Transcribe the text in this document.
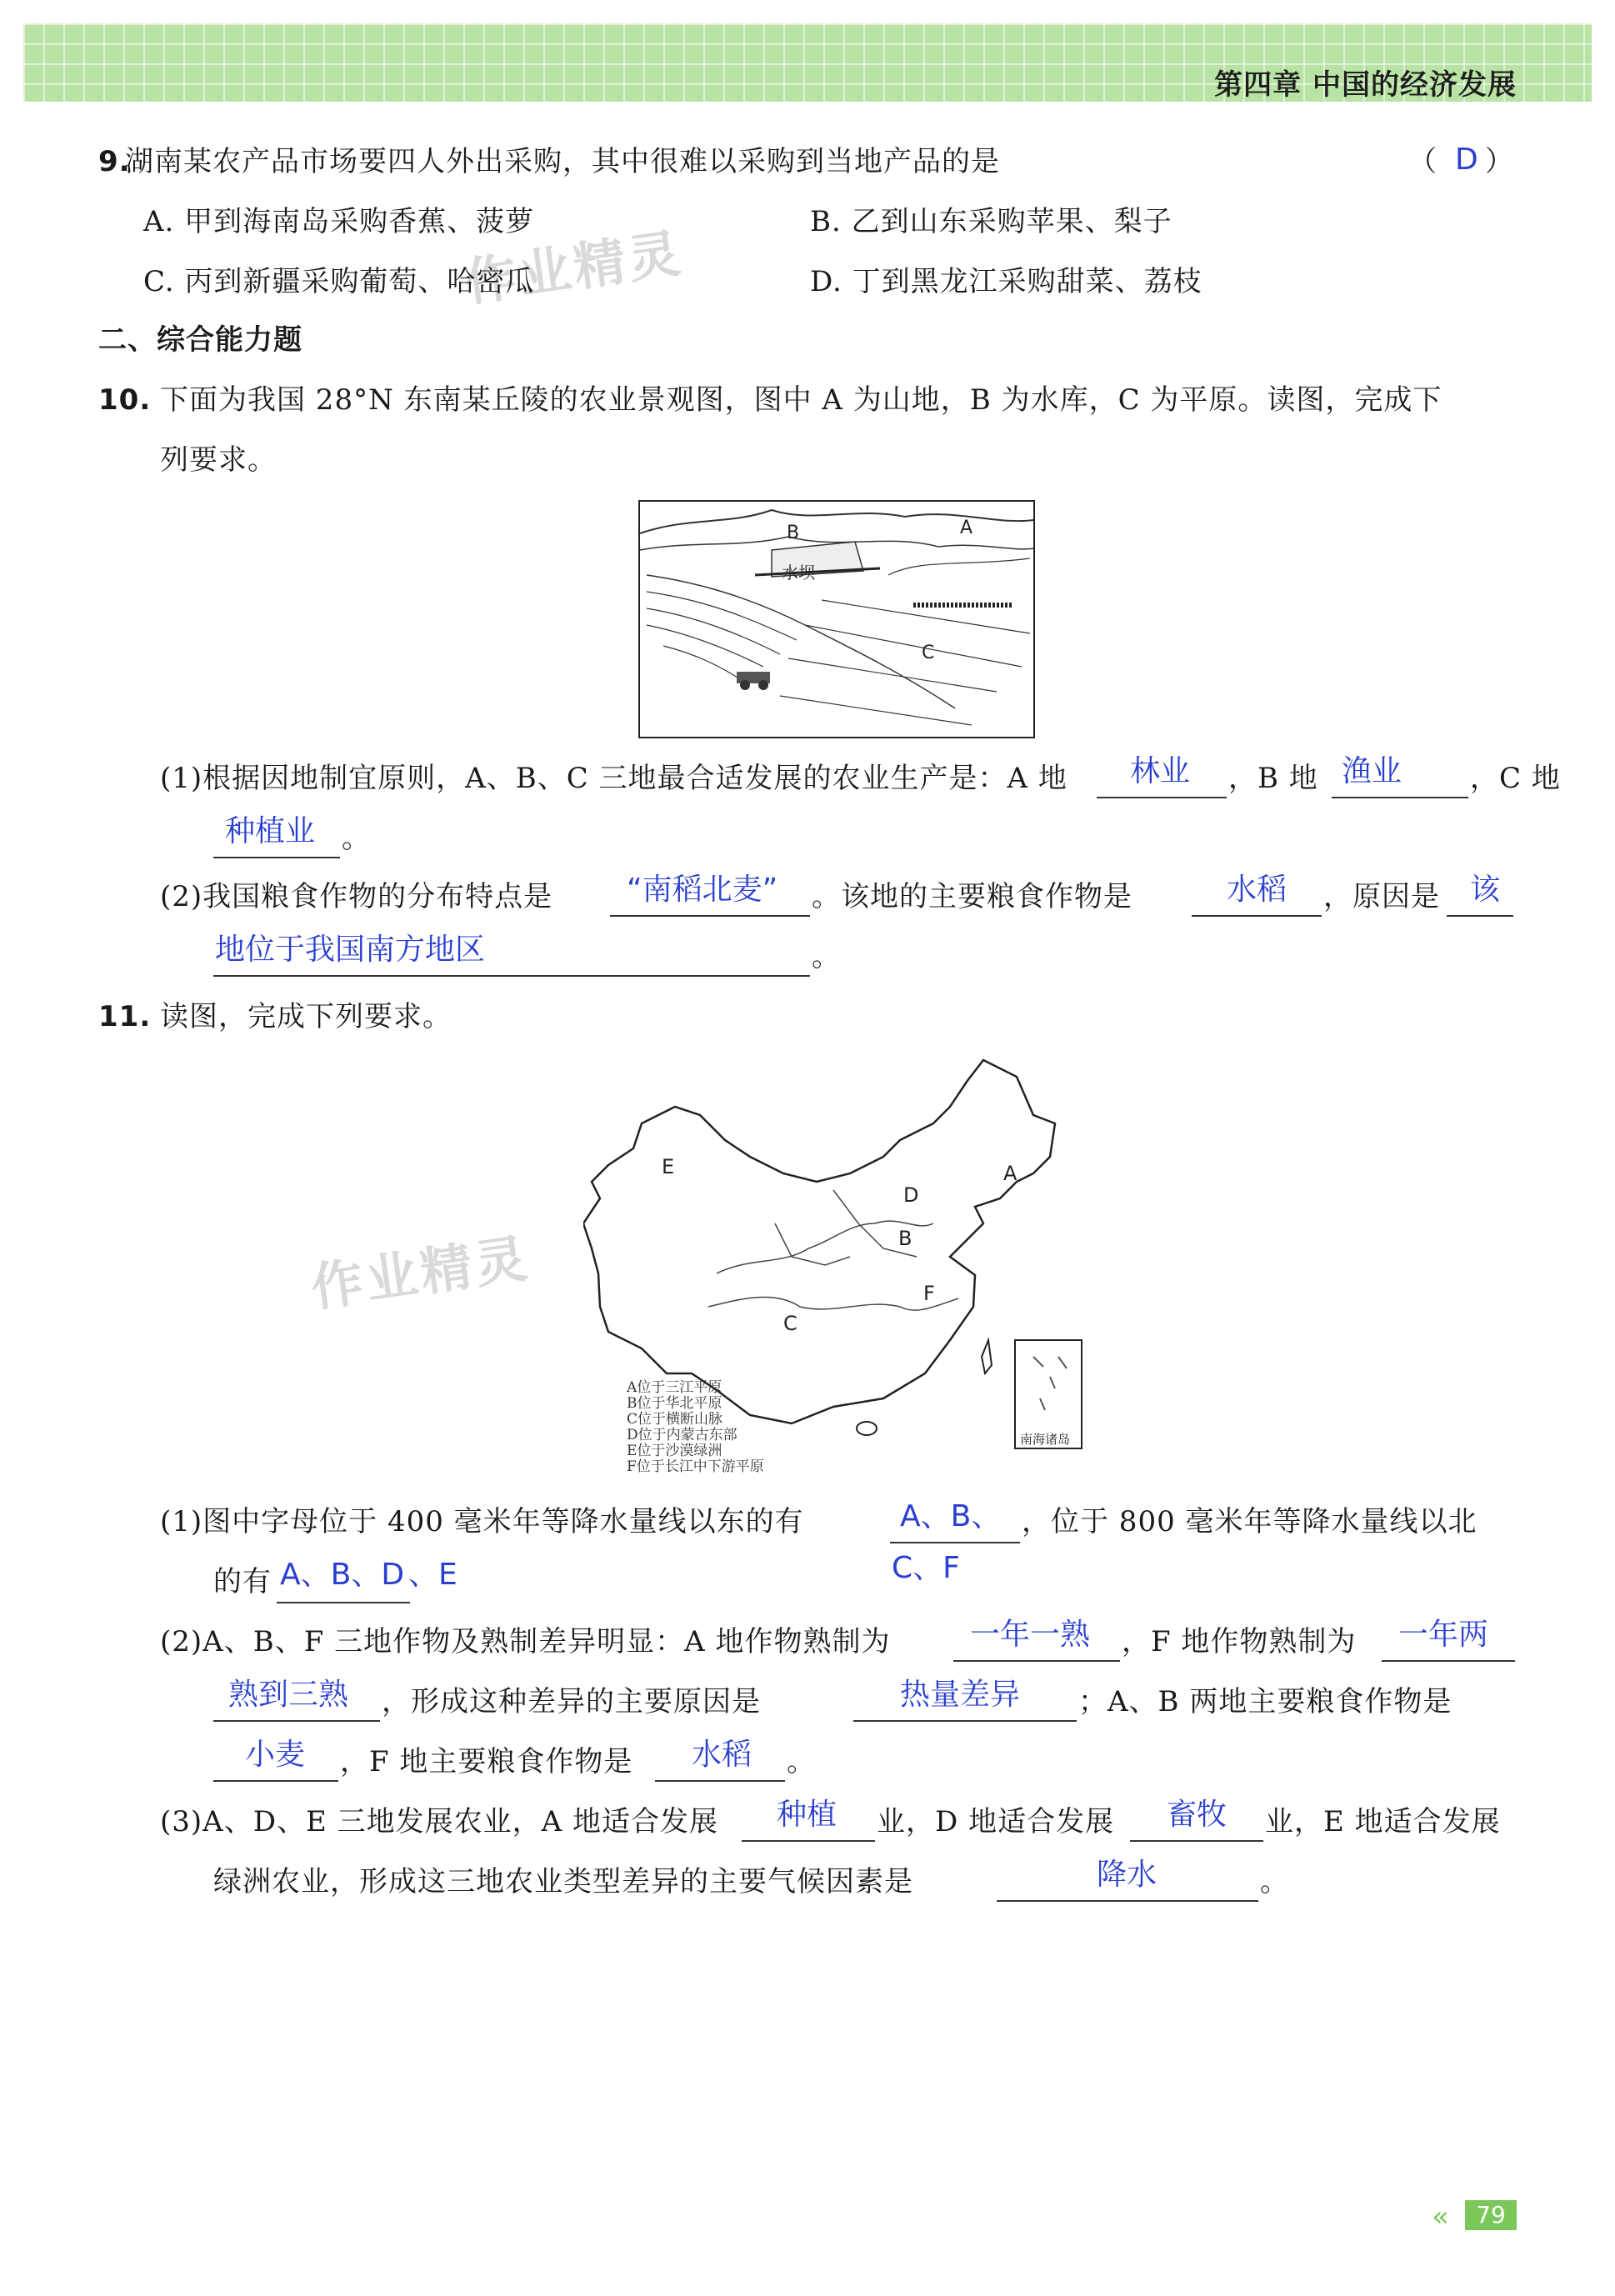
第四章 中国的经济发展
作业精灵
作业精灵
9.
湖南某农产品市场要四人外出采购，其中很难以采购到当地产品的是	（ D ）
A. 甲到海南岛采购香蕉、菠萝	B. 乙到山东采购苹果、梨子
C. 丙到新疆采购葡萄、哈密瓜	D. 丁到黑龙江采购甜菜、荔枝
二、综合能力题
10. 下面为我国 28°N 东南某丘陵的农业景观图，图中 A 为山地，B 为水库，C 为平原。读图，完成下
列要求。
B	A
C
水坝
(1)根据因地制宜原则，A、B、C 三地最合适发展的农业生产是：A 地 林业 ，B 地 渔业 ，C 地
种植业 。
(2)我国粮食作物的分布特点是 “南稻北麦” 。该地的主要粮食作物是	水稻 ，原因是 该
地位于我国南方地区	。
11. 读图，完成下列要求。
南海诸岛
A
B
C
D
E
F
A位于三江平原
B位于华北平原
C位于横断山脉
D位于内蒙古东部
E位于沙漠绿洲
F位于长江中下游平原
(1)图中字母位于 400 毫米年等降水量线以东的有	A、B、 ，位于 800 毫米年等降水量线以北
的有 A、B、D 、E	C、F
(2)A、B、F 三地作物及熟制差异明显：A 地作物熟制为	一年一熟 ，F 地作物熟制为 一年两
熟到三熟 ，形成这种差异的主要原因是	热量差异 ；A、B 两地主要粮食作物是
小麦 ，F 地主要粮食作物是 水稻 。
(3)A、D、E 三地发展农业，A 地适合发展 种植 业，D 地适合发展 畜牧 业，E 地适合发展
绿洲农业，形成这三地农业类型差异的主要气候因素是	降水	。
«	79
